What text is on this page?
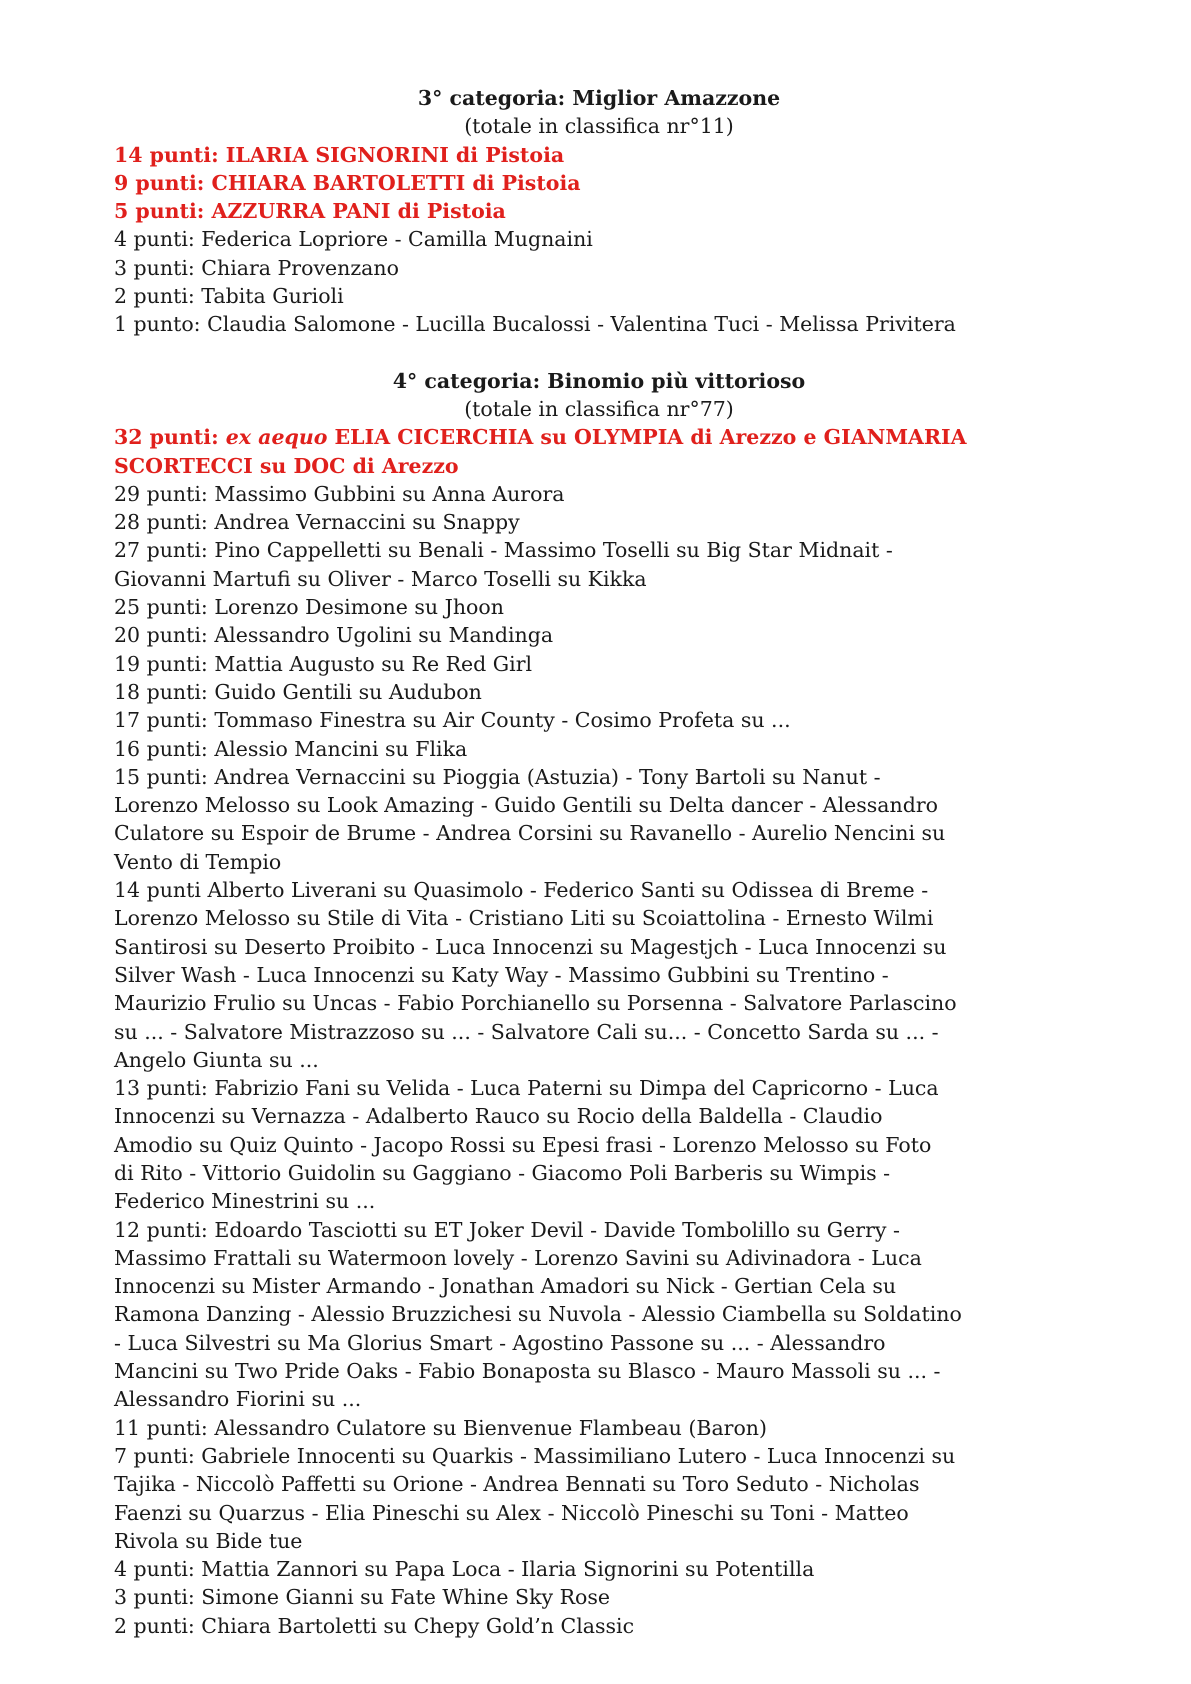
3° categoria: Miglior Amazzone
(totale in classifica nr°11)
14 punti: ILARIA SIGNORINI di Pistoia
9 punti: CHIARA BARTOLETTI di Pistoia
5 punti: AZZURRA PANI di Pistoia
4 punti: Federica Lopriore - Camilla Mugnaini
3 punti: Chiara Provenzano
2 punti: Tabita Gurioli
1 punto: Claudia Salomone - Lucilla Bucalossi - Valentina Tuci - Melissa Privitera
4° categoria: Binomio più vittorioso
(totale in classifica nr°77)
32 punti: ex aequo ELIA CICERCHIA su OLYMPIA di Arezzo e GIANMARIA
SCORTECCI su DOC di Arezzo
29 punti: Massimo Gubbini su Anna Aurora
28 punti: Andrea Vernaccini su Snappy
27 punti: Pino Cappelletti su Benali - Massimo Toselli su Big Star Midnait -
Giovanni Martufi su Oliver - Marco Toselli su Kikka
25 punti: Lorenzo Desimone su Jhoon
20 punti: Alessandro Ugolini su Mandinga
19 punti: Mattia Augusto su Re Red Girl
18 punti: Guido Gentili su Audubon
17 punti: Tommaso Finestra su Air County - Cosimo Profeta su ...
16 punti: Alessio Mancini su Flika
15 punti: Andrea Vernaccini su Pioggia (Astuzia) - Tony Bartoli su Nanut -
Lorenzo Melosso su Look Amazing - Guido Gentili su Delta dancer - Alessandro
Culatore su Espoir de Brume - Andrea Corsini su Ravanello - Aurelio Nencini su
Vento di Tempio
14 punti Alberto Liverani su Quasimolo - Federico Santi su Odissea di Breme -
Lorenzo Melosso su Stile di Vita - Cristiano Liti su Scoiattolina - Ernesto Wilmi
Santirosi su Deserto Proibito - Luca Innocenzi su Magestjch - Luca Innocenzi su
Silver Wash - Luca Innocenzi su Katy Way - Massimo Gubbini su Trentino -
Maurizio Frulio su Uncas - Fabio Porchianello su Porsenna - Salvatore Parlascino
su ... - Salvatore Mistrazzoso su ... - Salvatore Cali su... - Concetto Sarda su ... -
Angelo Giunta su ...
13 punti: Fabrizio Fani su Velida - Luca Paterni su Dimpa del Capricorno - Luca
Innocenzi su Vernazza - Adalberto Rauco su Rocio della Baldella - Claudio
Amodio su Quiz Quinto - Jacopo Rossi su Epesi frasi - Lorenzo Melosso su Foto
di Rito - Vittorio Guidolin su Gaggiano - Giacomo Poli Barberis su Wimpis -
Federico Minestrini su ...
12 punti: Edoardo Tasciotti su ET Joker Devil - Davide Tombolillo su Gerry -
Massimo Frattali su Watermoon lovely - Lorenzo Savini su Adivinadora - Luca
Innocenzi su Mister Armando - Jonathan Amadori su Nick - Gertian Cela su
Ramona Danzing - Alessio Bruzzichesi su Nuvola - Alessio Ciambella su Soldatino
- Luca Silvestri su Ma Glorius Smart - Agostino Passone su ... - Alessandro
Mancini su Two Pride Oaks - Fabio Bonaposta su Blasco - Mauro Massoli su ... -
Alessandro Fiorini su ...
11 punti: Alessandro Culatore su Bienvenue Flambeau (Baron)
7 punti: Gabriele Innocenti su Quarkis - Massimiliano Lutero - Luca Innocenzi su
Tajika - Niccolò Paffetti su Orione - Andrea Bennati su Toro Seduto - Nicholas
Faenzi su Quarzus - Elia Pineschi su Alex - Niccolò Pineschi su Toni - Matteo
Rivola su Bide tue
4 punti: Mattia Zannori su Papa Loca - Ilaria Signorini su Potentilla
3 punti: Simone Gianni su Fate Whine Sky Rose
2 punti: Chiara Bartoletti su Chepy Gold’n Classic
